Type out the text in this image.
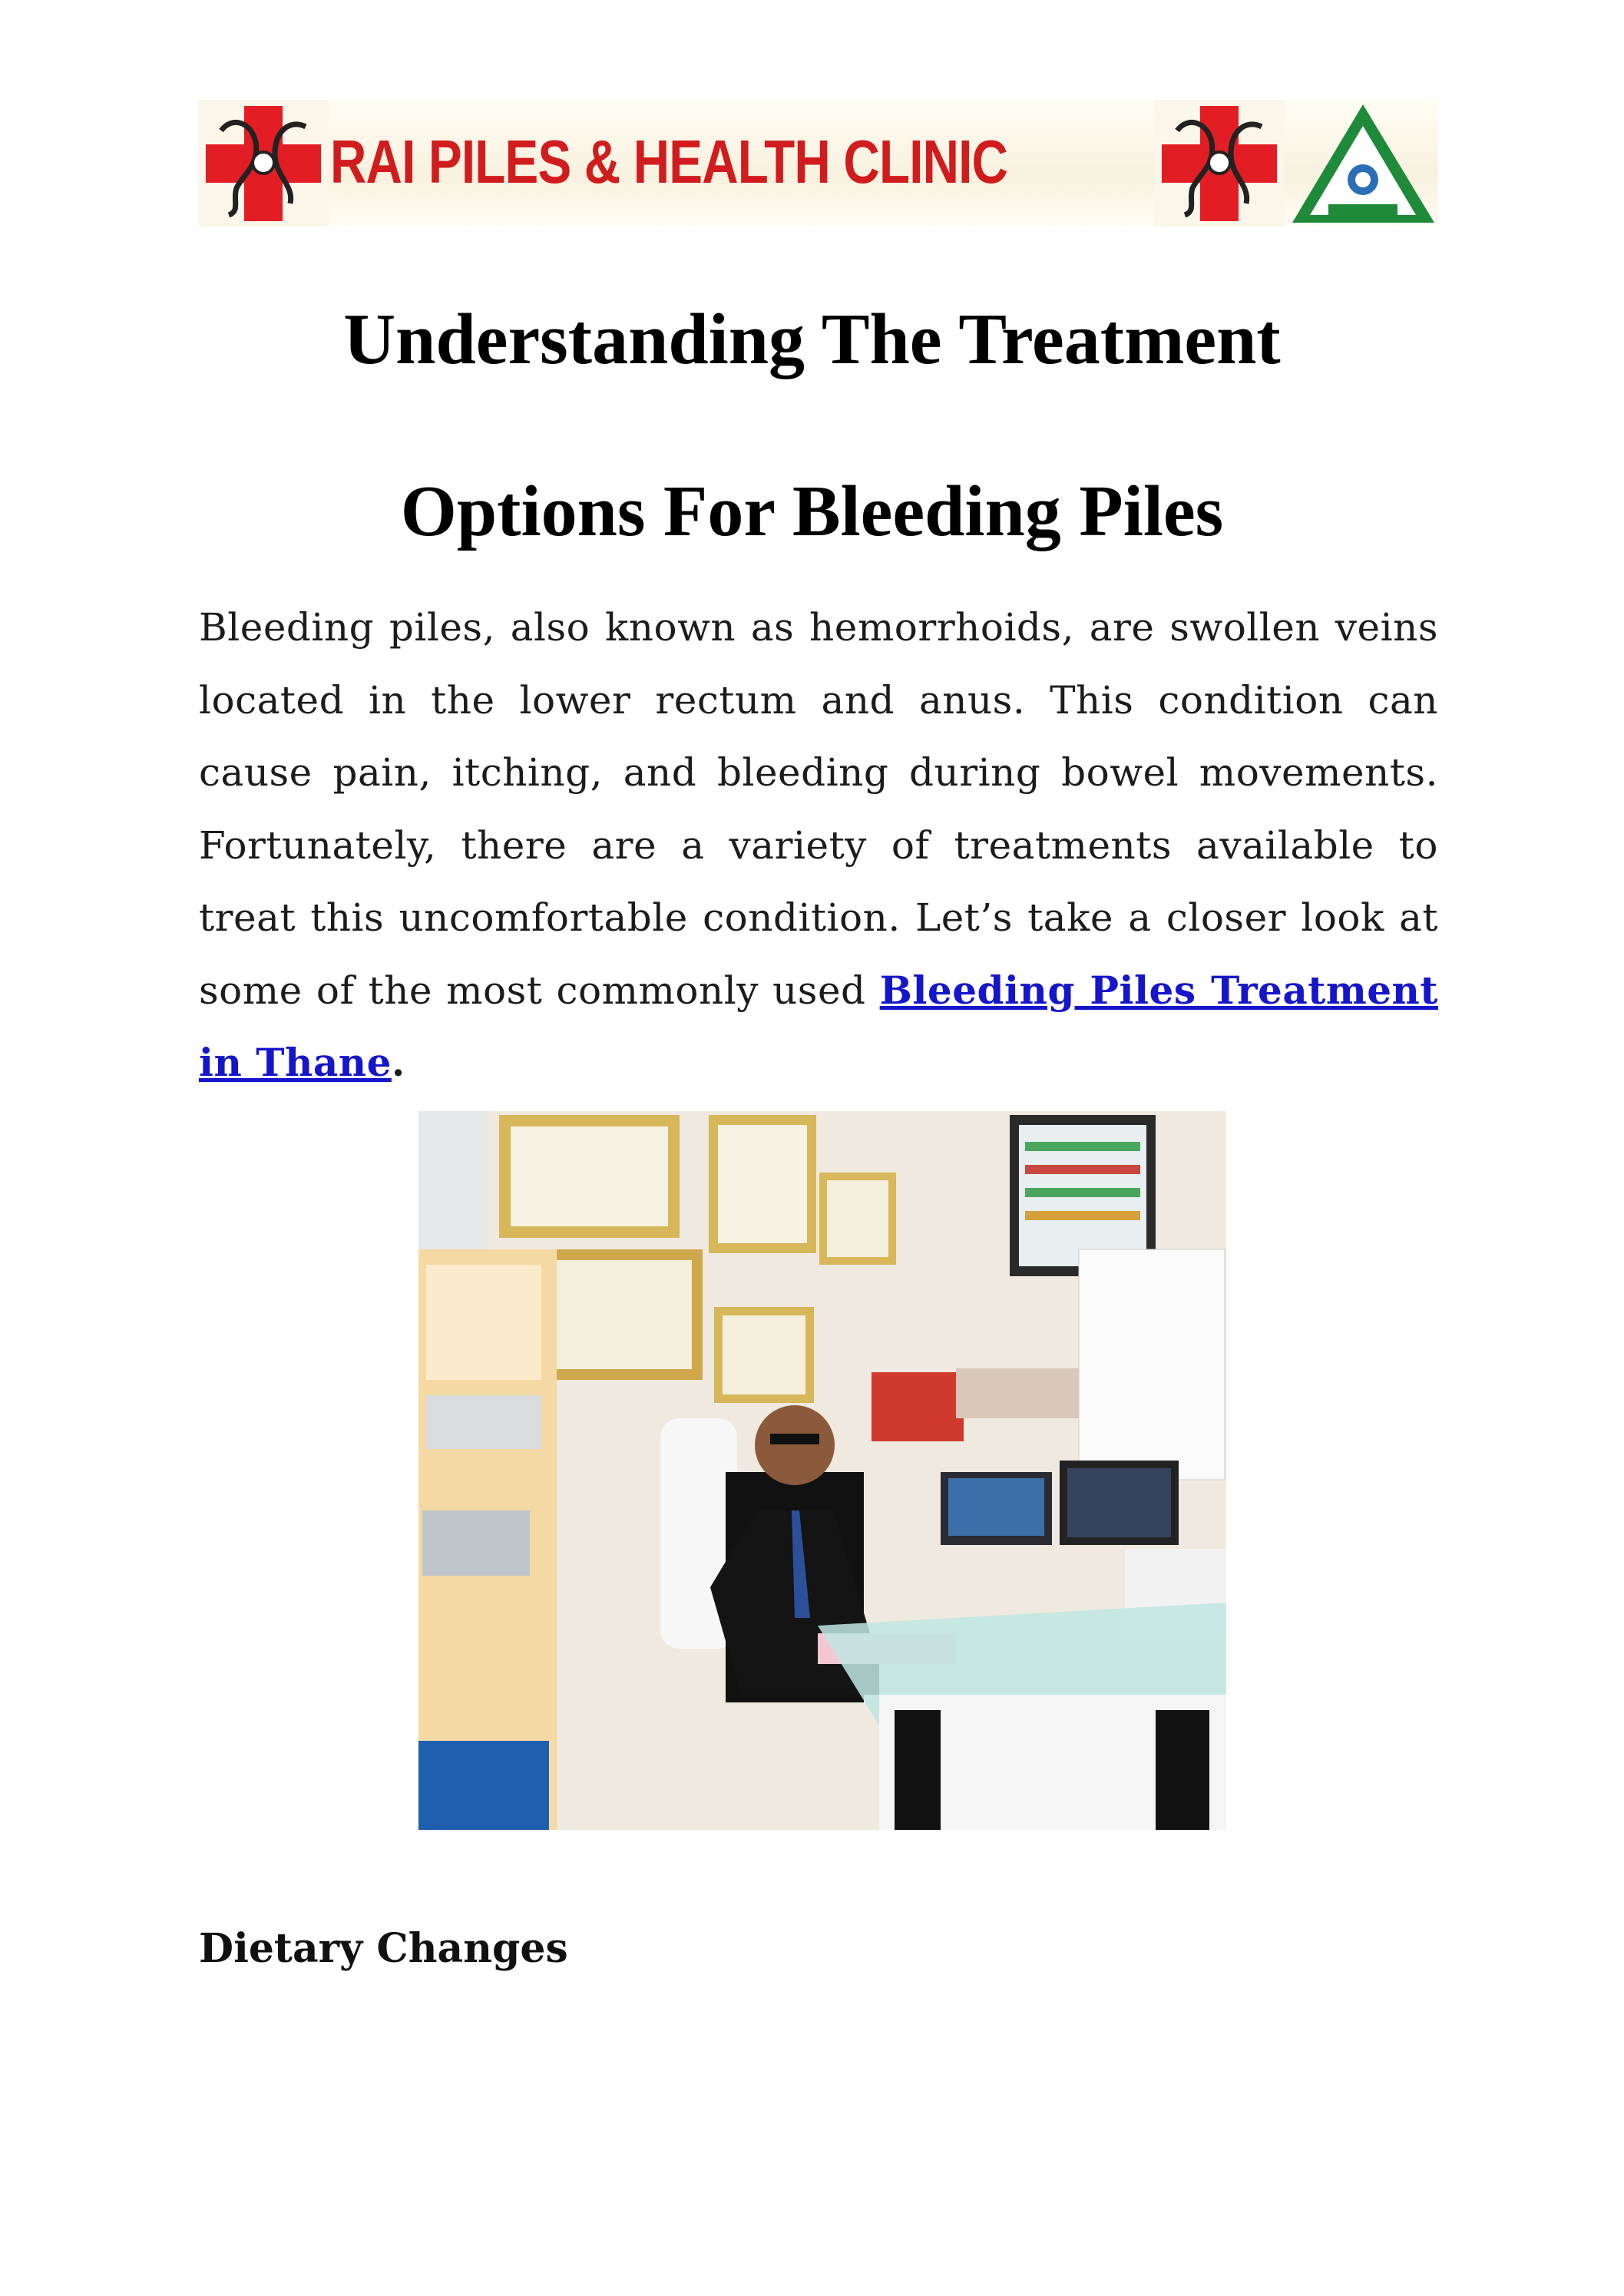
RAI PILES & HEALTH CLINIC
Understanding The Treatment
Options For Bleeding Piles

Bleeding piles, also known as hemorrhoids, are swollen veins located in the lower rectum and anus. This condition can cause pain, itching, and bleeding during bowel movements. Fortunately, there are a variety of treatments available to treat this uncomfortable condition. Let’s take a closer look at some of the most commonly used Bleeding Piles Treatment in Thane.

Dietary Changes
